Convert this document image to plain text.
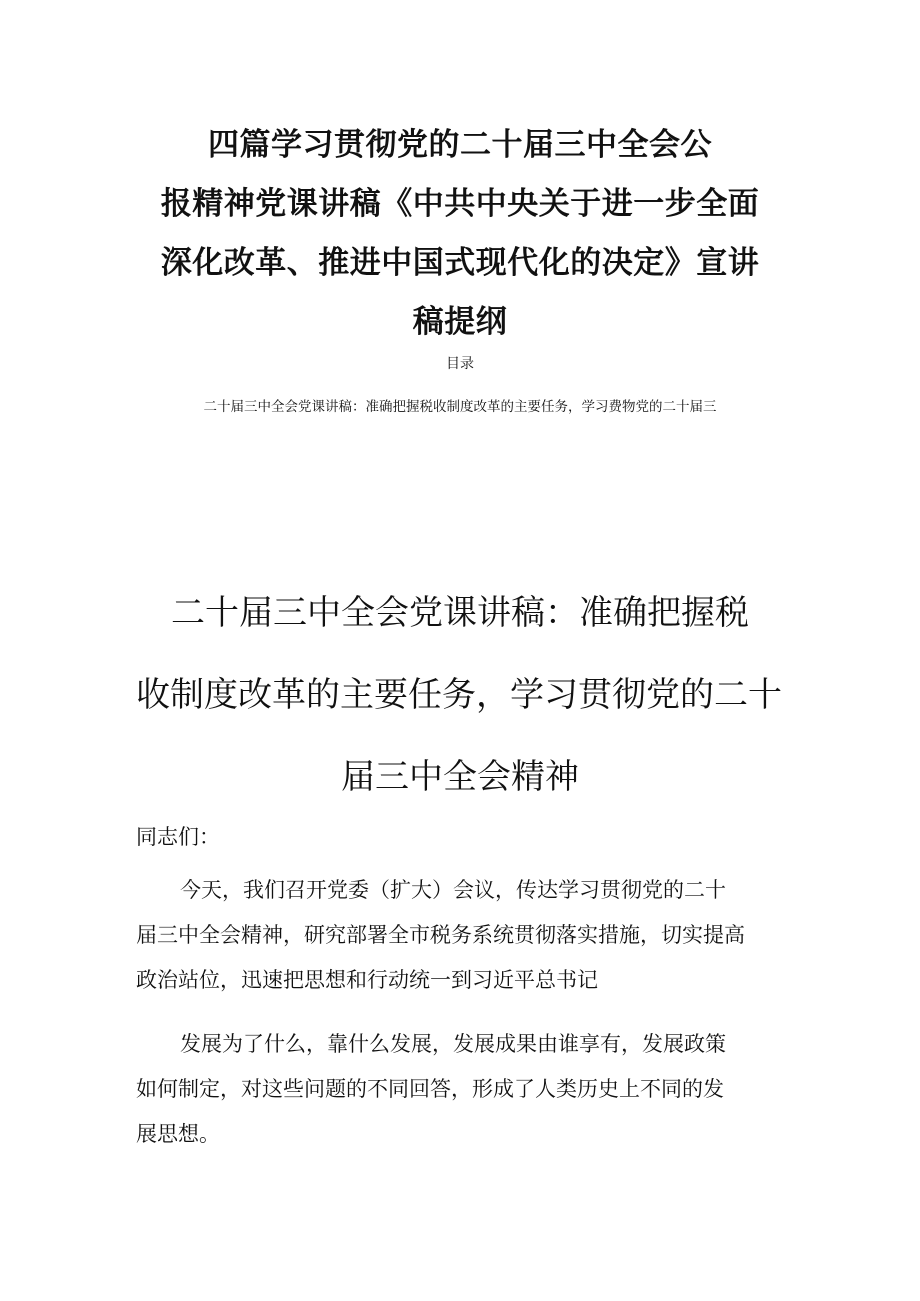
四篇学习贯彻党的二十届三中全会公
报精神党课讲稿《中共中央关于进一步全面
深化改革、推进中国式现代化的决定》宣讲
稿提纲
目录
二十届三中全会党课讲稿：准确把握税收制度改革的主要任务，学习费物党的二十届三
二十届三中全会党课讲稿：准确把握税
收制度改革的主要任务，学习贯彻党的二十
届三中全会精神
同志们：
今天，我们召开党委（扩大）会议，传达学习贯彻党的二十
届三中全会精神，研究部署全市税务系统贯彻落实措施，切实提高
政治站位，迅速把思想和行动统一到习近平总书记
发展为了什么，靠什么发展，发展成果由谁享有，发展政策
如何制定，对这些问题的不同回答，形成了人类历史上不同的发
展思想。
